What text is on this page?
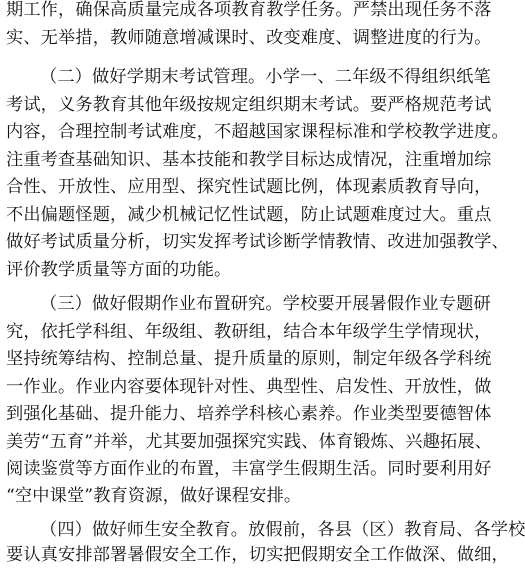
期工作，确保高质量完成各项教育教学任务。严禁出现任务不落
实、无举措，教师随意增减课时、改变难度、调整进度的行为。
（二）做好学期末考试管理。小学一、二年级不得组织纸笔
考试，义务教育其他年级按规定组织期末考试。要严格规范考试
内容，合理控制考试难度，不超越国家课程标准和学校教学进度。
注重考查基础知识、基本技能和教学目标达成情况，注重增加综
合性、开放性、应用型、探究性试题比例，体现素质教育导向，
不出偏题怪题，减少机械记忆性试题，防止试题难度过大。重点
做好考试质量分析，切实发挥考试诊断学情教情、改进加强教学、
评价教学质量等方面的功能。
（三）做好假期作业布置研究。学校要开展暑假作业专题研
究，依托学科组、年级组、教研组，结合本年级学生学情现状，
坚持统筹结构、控制总量、提升质量的原则，制定年级各学科统
一作业。作业内容要体现针对性、典型性、启发性、开放性，做
到强化基础、提升能力、培养学科核心素养。作业类型要德智体
美劳“五育”并举，尤其要加强探究实践、体育锻炼、兴趣拓展、
阅读鉴赏等方面作业的布置，丰富学生假期生活。同时要利用好
“空中课堂”教育资源，做好课程安排。
（四）做好师生安全教育。放假前，各县（区）教育局、各学校
要认真安排部署暑假安全工作，切实把假期安全工作做深、做细，
